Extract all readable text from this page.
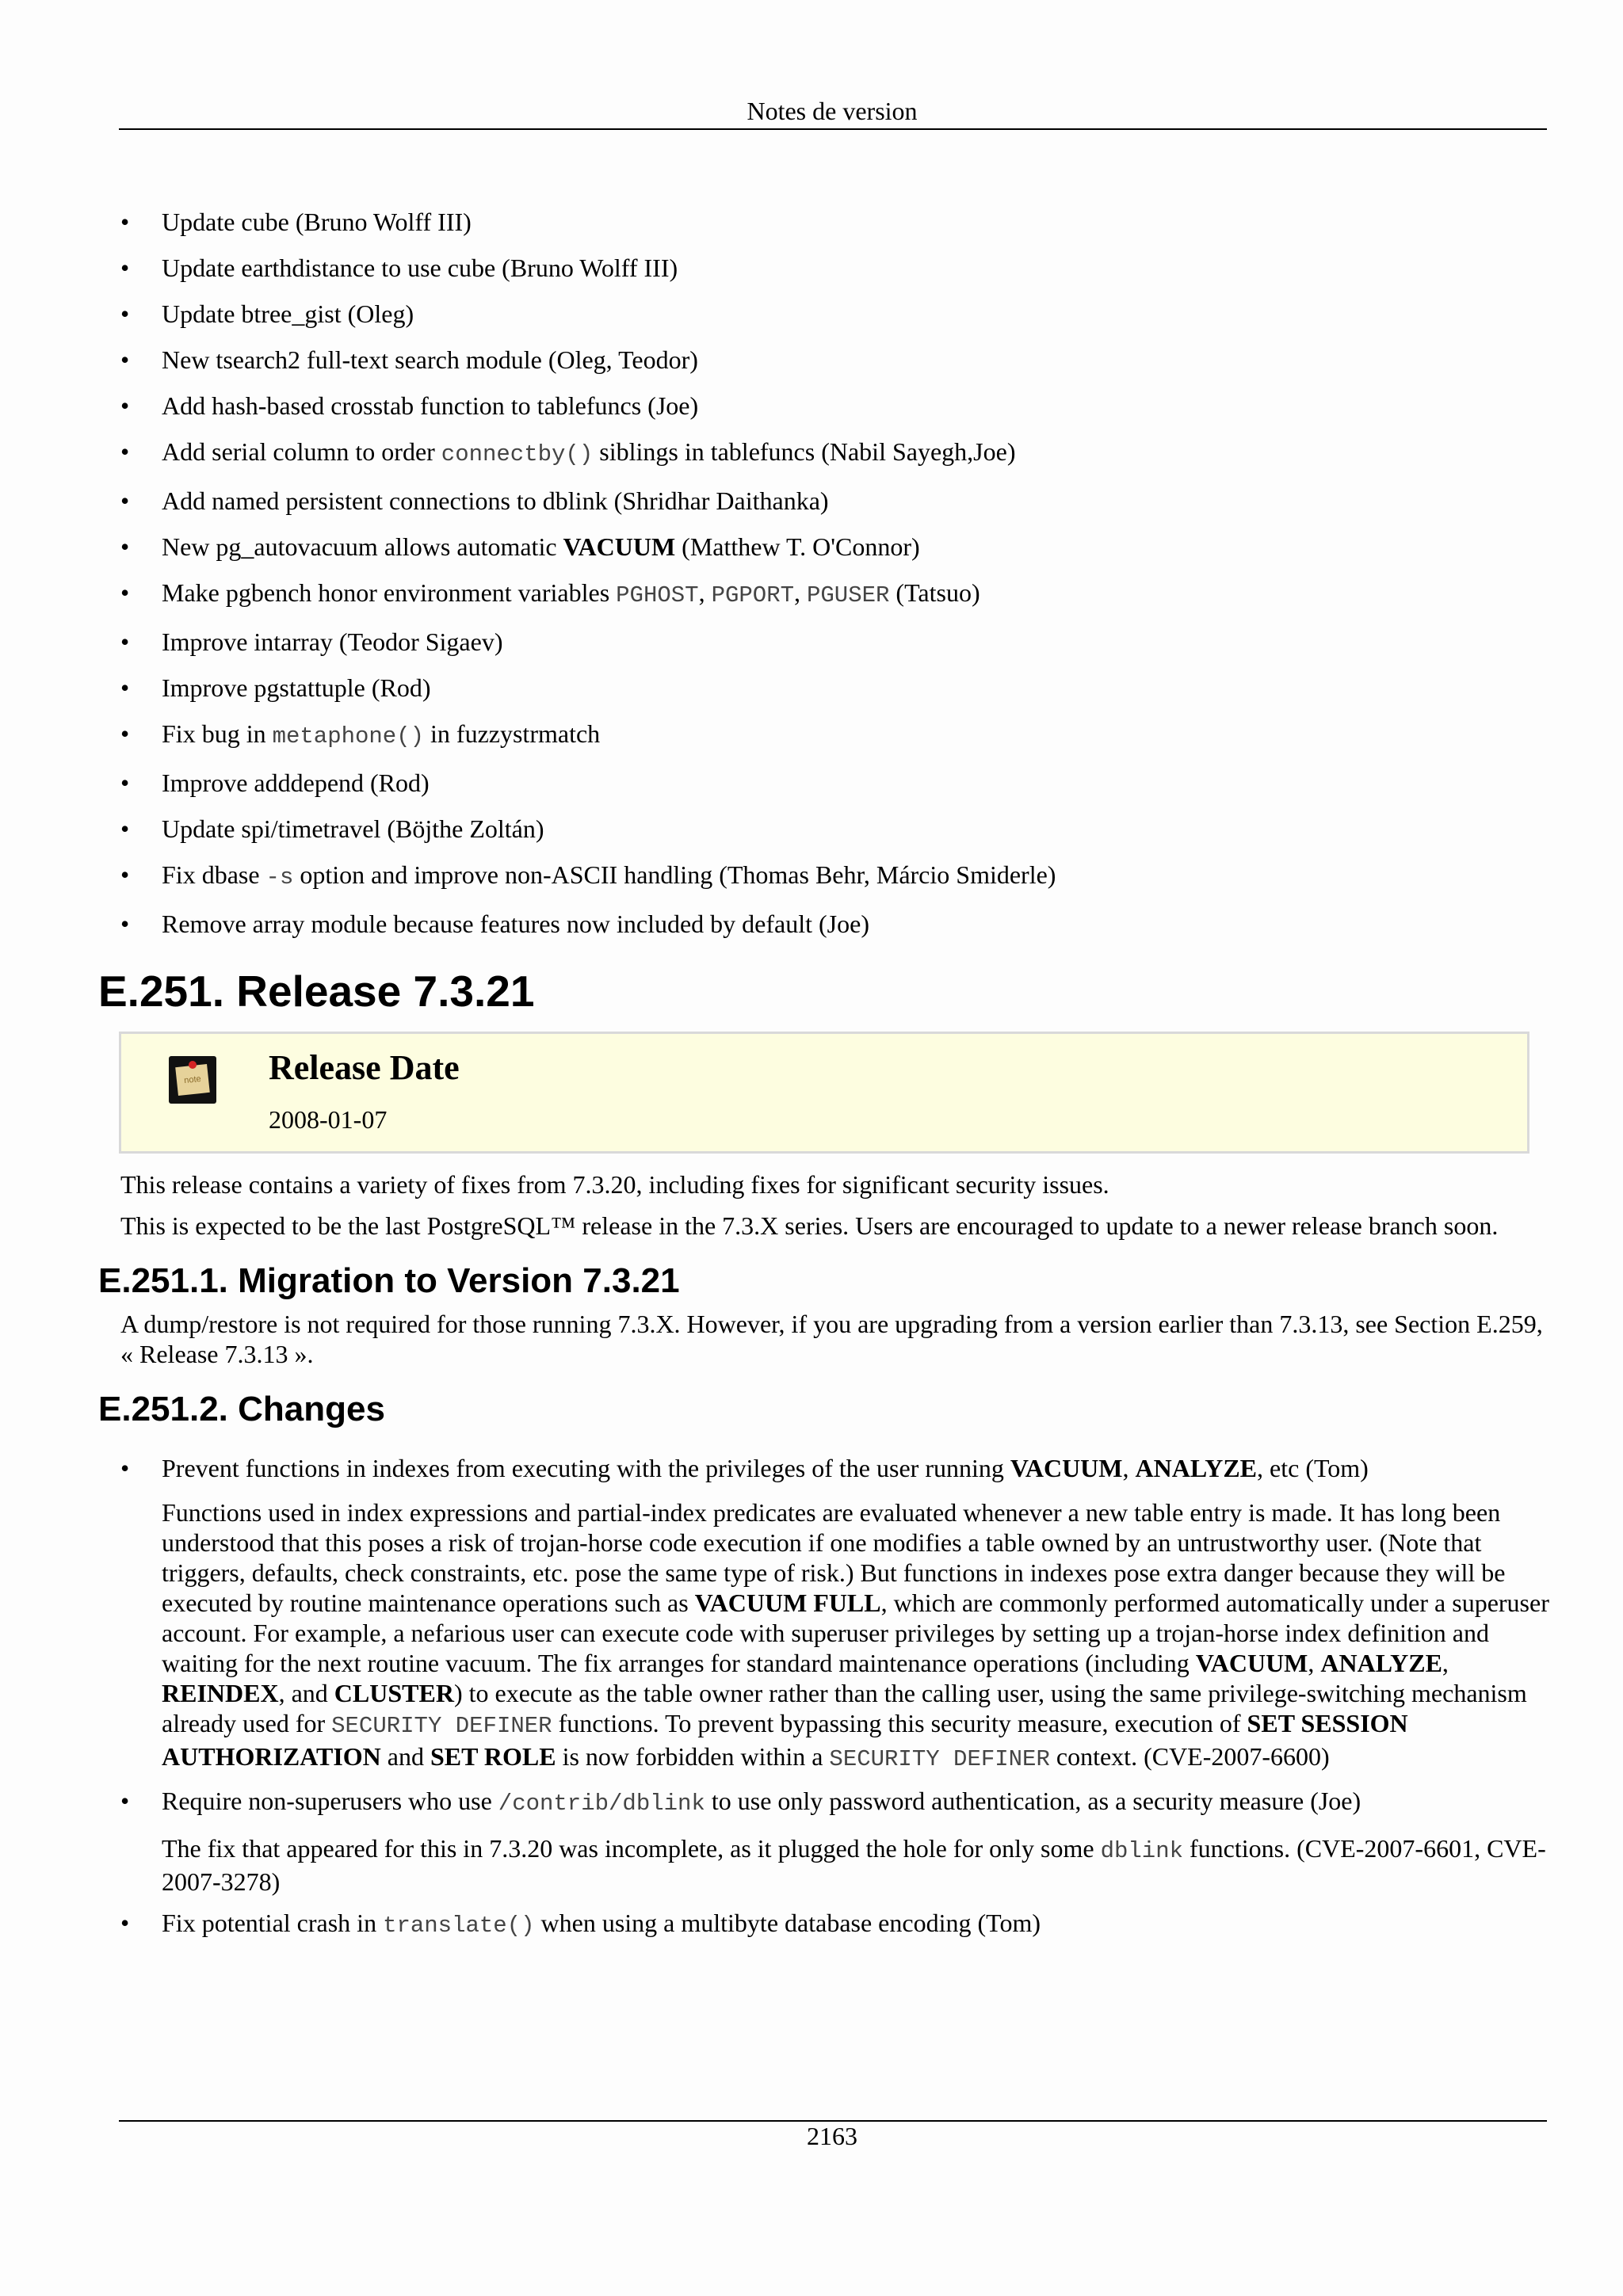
Notes de version
• Update cube (Bruno Wolff III)
• Update earthdistance to use cube (Bruno Wolff III)
• Update btree_gist (Oleg)
• New tsearch2 full-text search module (Oleg, Teodor)
• Add hash-based crosstab function to tablefuncs (Joe)
• Add serial column to order connectby() siblings in tablefuncs (Nabil Sayegh,Joe)
• Add named persistent connections to dblink (Shridhar Daithanka)
• New pg_autovacuum allows automatic VACUUM (Matthew T. O'Connor)
• Make pgbench honor environment variables PGHOST, PGPORT, PGUSER (Tatsuo)
• Improve intarray (Teodor Sigaev)
• Improve pgstattuple (Rod)
• Fix bug in metaphone() in fuzzystrmatch
• Improve adddepend (Rod)
• Update spi/timetravel (Böjthe Zoltán)
• Fix dbase -s option and improve non-ASCII handling (Thomas Behr, Márcio Smiderle)
• Remove array module because features now included by default (Joe)
E.251. Release 7.3.21
note Release Date
2008-01-07

This release contains a variety of fixes from 7.3.20, including fixes for significant security issues.

This is expected to be the last PostgreSQL™ release in the 7.3.X series. Users are encouraged to update to a newer release branch soon.

E.251.1. Migration to Version 7.3.21

A dump/restore is not required for those running 7.3.X. However, if you are upgrading from a version earlier than 7.3.13, see Section E.259, « Release 7.3.13 ».

E.251.2. Changes
• Prevent functions in indexes from executing with the privileges of the user running VACUUM, ANALYZE, etc (Tom)

Functions used in index expressions and partial-index predicates are evaluated whenever a new table entry is made. It has long been understood that this poses a risk of trojan-horse code execution if one modifies a table owned by an untrustworthy user. (Note that triggers, defaults, check constraints, etc. pose the same type of risk.) But functions in indexes pose extra danger because they will be executed by routine maintenance operations such as VACUUM FULL, which are commonly performed automatically under a superuser account. For example, a nefarious user can execute code with superuser privileges by setting up a trojan-horse index definition and waiting for the next routine vacuum. The fix arranges for standard maintenance operations (including VACUUM, ANALYZE, REINDEX, and CLUSTER) to execute as the table owner rather than the calling user, using the same privilege-switching mechanism already used for SECURITY DEFINER functions. To prevent bypassing this security measure, execution of SET SESSION AUTHORIZATION and SET ROLE is now forbidden within a SECURITY DEFINER context. (CVE-2007-6600)

• Require non-superusers who use /contrib/dblink to use only password authentication, as a security measure (Joe)

The fix that appeared for this in 7.3.20 was incomplete, as it plugged the hole for only some dblink functions. (CVE-2007-6601, CVE-2007-3278)

• Fix potential crash in translate() when using a multibyte database encoding (Tom)

2163
